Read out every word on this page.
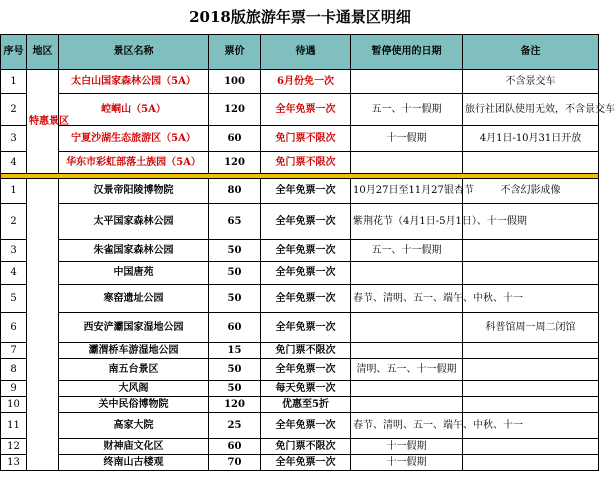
2018版旅游年票一卡通景区明细
序号	地区	景区名称	票价	待遇	暂停使用的日期	备注
1	特惠景区	太白山国家森林公园（5A）	100	6月份免一次		不含景交车
2		崆峒山（5A）	120	全年免票一次	五一、十一假期	旅行社团队使用无效，不含景交车
3		宁夏沙湖生态旅游区（5A）	60	免门票不限次	十一假期	4月1日-10月31日开放
4		华东市彩虹部落土族园（5A）	120	免门票不限次		

1		汉景帝阳陵博物院	80	全年免票一次	10月27日至11月27银杏节	不含幻影成像
2		太平国家森林公园	65	全年免票一次	紫荆花节（4月1日-5月1日）、十一假期	
3		朱雀国家森林公园	50	全年免票一次	五一、十一假期	
4		中国唐苑	50	全年免票一次		
5		寒窑遗址公园	50	全年免票一次	春节、清明、五一、端午、中秋、十一	
6		西安浐灞国家湿地公园	60	全年免票一次		科普馆周一周二闭馆
7		灞渭桥车游湿地公园	15	免门票不限次		
8		南五台景区	50	全年免票一次	清明、五一、十一假期	
9		大风阁	50	每天免票一次		
10		关中民俗博物院	120	优惠至5折		
11		高家大院	25	全年免票一次	春节、清明、五一、端午、中秋、十一	
12		财神庙文化区	60	免门票不限次	十一假期	
13		终南山古楼观	70	全年免票一次	十一假期	
